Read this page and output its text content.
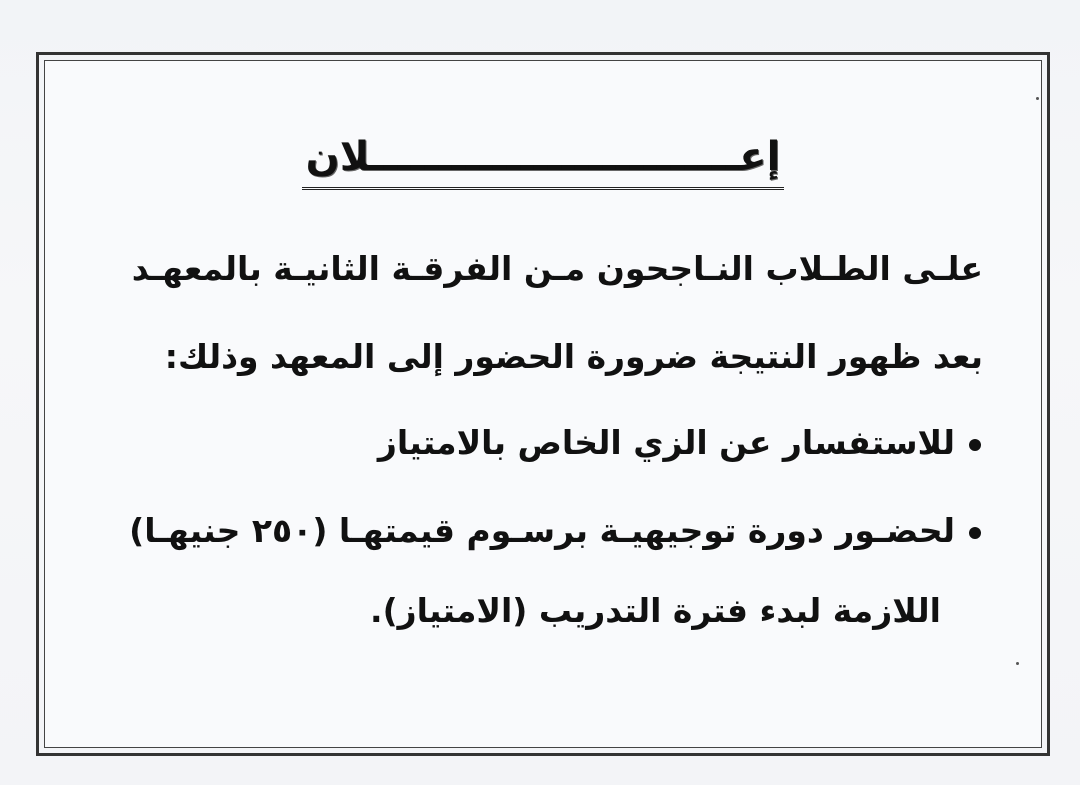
إعـــــــــــــــــــــــــــلان
علـى الطـلاب النـاجحون مـن الفرقـة الثانيـة بالمعهـد
بعد ظهور النتيجة ضرورة الحضور إلى المعهد وذلك:
للاستفسار عن الزي الخاص بالامتياز
لحضـور دورة توجيهيـة برسـوم قيمتهـا (٢٥٠ جنيهـا)
اللازمة لبدء فترة التدريب (الامتياز).
